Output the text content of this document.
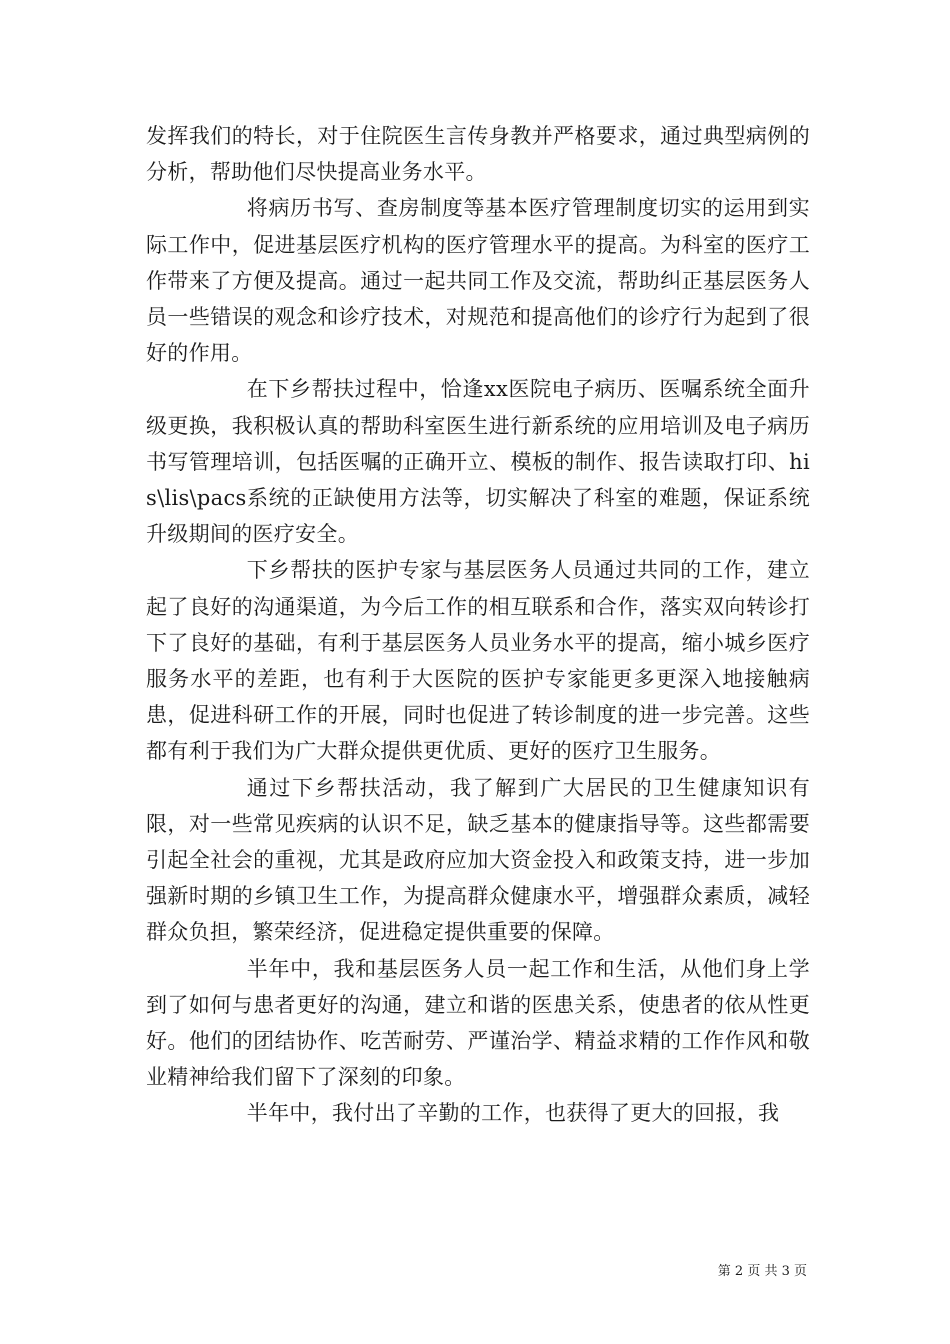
发挥我们的特长，对于住院医生言传身教并严格要求，通过典型病例的分析，帮助他们尽快提高业务水平。

将病历书写、查房制度等基本医疗管理制度切实的运用到实际工作中，促进基层医疗机构的医疗管理水平的提高。为科室的医疗工作带来了方便及提高。通过一起共同工作及交流，帮助纠正基层医务人员一些错误的观念和诊疗技术，对规范和提高他们的诊疗行为起到了很好的作用。

在下乡帮扶过程中，恰逢xx医院电子病历、医嘱系统全面升级更换，我积极认真的帮助科室医生进行新系统的应用培训及电子病历书写管理培训，包括医嘱的正确开立、模板的制作、报告读取打印、his\lis\pacs系统的正缺使用方法等，切实解决了科室的难题，保证系统升级期间的医疗安全。

下乡帮扶的医护专家与基层医务人员通过共同的工作，建立起了良好的沟通渠道，为今后工作的相互联系和合作，落实双向转诊打下了良好的基础，有利于基层医务人员业务水平的提高，缩小城乡医疗服务水平的差距，也有利于大医院的医护专家能更多更深入地接触病患，促进科研工作的开展，同时也促进了转诊制度的进一步完善。这些都有利于我们为广大群众提供更优质、更好的医疗卫生服务。

通过下乡帮扶活动，我了解到广大居民的卫生健康知识有限，对一些常见疾病的认识不足，缺乏基本的健康指导等。这些都需要引起全社会的重视，尤其是政府应加大资金投入和政策支持，进一步加强新时期的乡镇卫生工作，为提高群众健康水平，增强群众素质，减轻群众负担，繁荣经济，促进稳定提供重要的保障。

半年中，我和基层医务人员一起工作和生活，从他们身上学到了如何与患者更好的沟通，建立和谐的医患关系，使患者的依从性更好。他们的团结协作、吃苦耐劳、严谨治学、精益求精的工作作风和敬业精神给我们留下了深刻的印象。

半年中，我付出了辛勤的工作，也获得了更大的回报，我

第 2 页 共 3 页
